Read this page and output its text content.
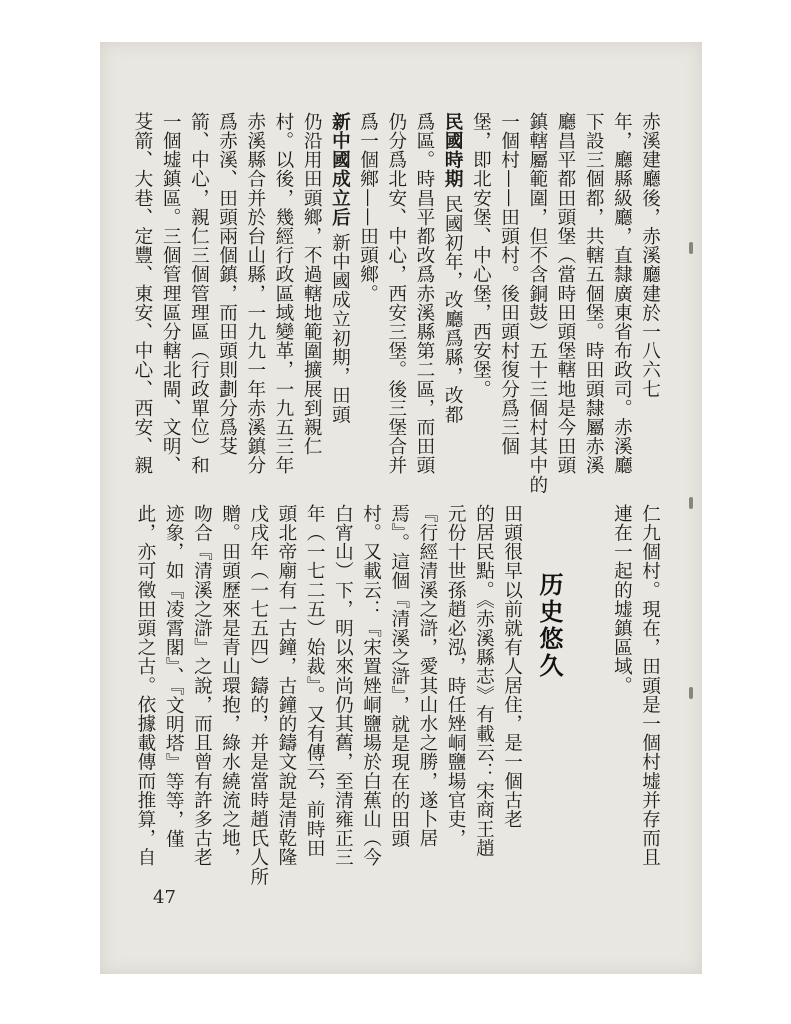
赤溪建廳後，赤溪廳建於一八六七
年，廳縣級廳，直隸廣東省布政司。赤溪廳
下設三個都，共轄五個堡。時田頭隸屬赤溪
廳昌平都田頭堡（當時田頭堡轄地是今田頭
鎮轄屬範圍，但不含銅鼓）五十三個村其中的
一個村——田頭村。後田頭村復分爲三個
堡，即北安堡、中心堡，西安堡。
民國時期 民國初年，改廳爲縣，改都
爲區。時昌平都改爲赤溪縣第二區，而田頭
仍分爲北安、中心，西安三堡。後三堡合并
爲一個鄉——田頭鄉。
新中國成立后 新中國成立初期，田頭
仍沿用田頭鄉，不過轄地範圍擴展到親仁
村。以後，幾經行政區域變革，一九五三年
赤溪縣合并於台山縣，一九九一年赤溪鎮分
爲赤溪、田頭兩個鎮，而田頭則劃分爲芟
箭、中心，親仁三個管理區（行政單位）和
一個墟鎮區。三個管理區分轄北閘、文明、
芟箭、大巷、定豐、東安、中心、西安、親
仁九個村。現在，田頭是一個村墟并存而且
連在一起的墟鎮區域。
历史悠久
田頭很早以前就有人居住，是一個古老
的居民點。《赤溪縣志》有載云：宋商王趙
元份十世孫趙必泓，時任矬峒鹽場官吏，
『行經清溪之滸，愛其山水之勝，遂卜居
焉』。這個『清溪之滸』，就是現在的田頭
村。又載云：『宋置矬峒鹽場於白蕉山（今
白宵山）下，明以來尚仍其舊，至清雍正三
年（一七二五）始裁』。又有傳云，前時田
頭北帝廟有一古鐘，古鐘的鑄文說是清乾隆
戊戌年（一七五四）鑄的，并是當時趙氏人所
贈。田頭歷來是青山環抱，綠水繞流之地，
吻合『清溪之滸』之說，而且曾有許多古老
迹象，如『凌霄閣』、『文明塔』等等，僅
此，亦可徵田頭之古。依據載傳而推算，自
47
